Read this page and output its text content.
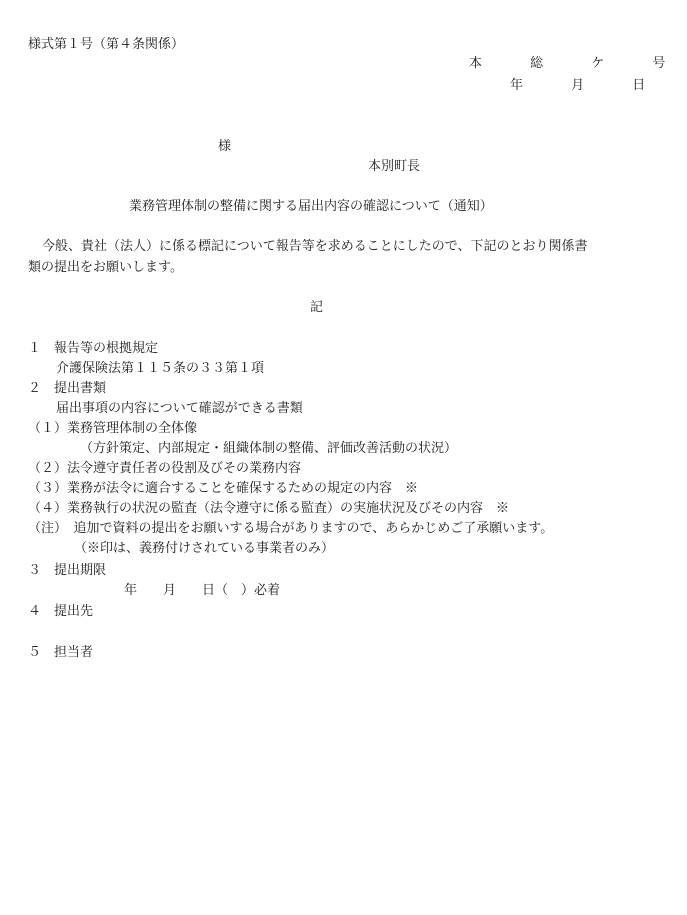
様式第１号（第４条関係）
本 総 ケ 号
年 月 日
様
本別町長
業務管理体制の整備に関する届出内容の確認について（通知）
今般、貴社（法人）に係る標記について報告等を求めることにしたので、下記のとおり関係書
類の提出をお願いします。
記
１　報告等の根拠規定
介護保険法第１１５条の３３第１項
２　提出書類
届出事項の内容について確認ができる書類
（１）業務管理体制の全体像
（方針策定、内部規定・組織体制の整備、評価改善活動の状況）
（２）法令遵守責任者の役割及びその業務内容
（３）業務が法令に適合することを確保するための規定の内容　※
（４）業務執行の状況の監査（法令遵守に係る監査）の実施状況及びその内容　※
（注）　追加で資料の提出をお願いする場合がありますので、あらかじめご了承願います。
（※印は、義務付けされている事業者のみ）
３　提出期限
年　　月　　日（　）必着
４　提出先
５　担当者
